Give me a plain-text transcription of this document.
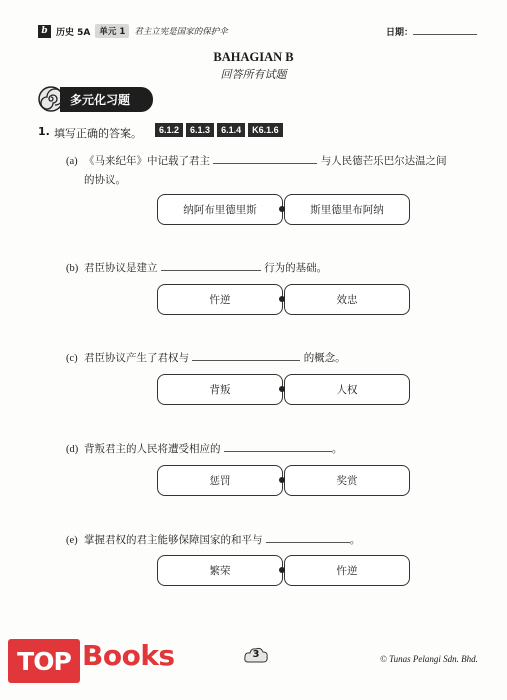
b 历史 5A	单元 1	君主立宪是国家的保护伞	日期：
BAHAGIAN B
回答所有试题
多元化习题
1. 填写正确的答案。	6.1.2	6.1.3	6.1.4	K6.1.6
(a) 《马来纪年》中记载了君主	与人民德芒乐巴尔达温之间
的协议。
纳阿布里德里斯	斯里德里布阿纳
(b) 君臣协议是建立	行为的基础。
忤逆	效忠
(c) 君臣协议产生了君权与	的概念。
背叛	人权
(d) 背叛君主的人民将遭受相应的	。
惩罚	奖赏
(e) 掌握君权的君主能够保障国家的和平与	。
繁荣	忤逆
3	© Tunas Pelangi Sdn. Bhd.
TOP Books
